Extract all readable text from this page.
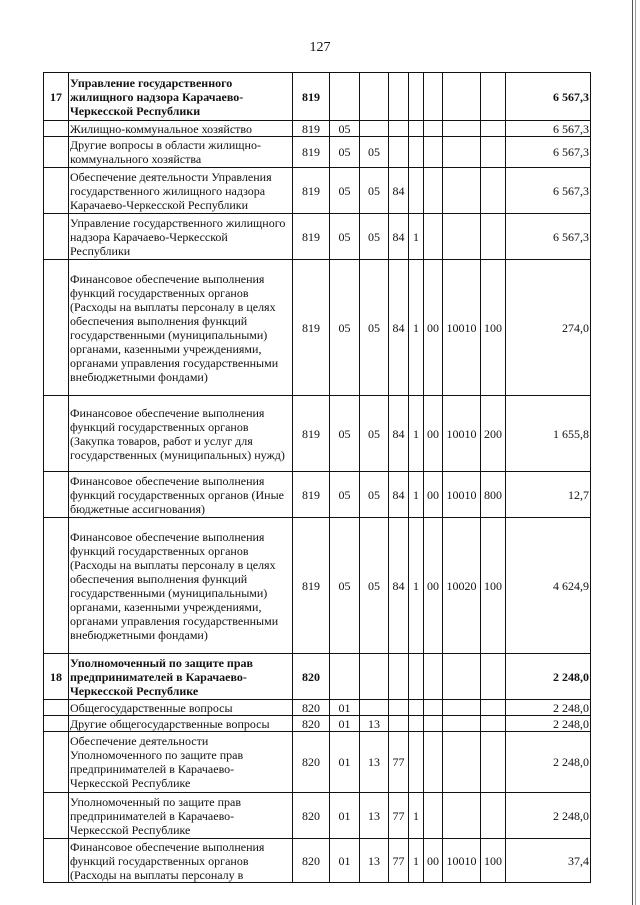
127
17	Управление государственного жилищного надзора Карачаево-Черкесской Республики	819								6 567,3
	Жилищно-коммунальное хозяйство	819	05							6 567,3
	Другие вопросы в области жилищно-коммунального хозяйства	819	05	05						6 567,3
	Обеспечение деятельности Управления государственного жилищного надзора Карачаево-Черкесской Республики	819	05	05	84					6 567,3
	Управление государственного жилищного надзора Карачаево-Черкесской Республики	819	05	05	84	1				6 567,3
	Финансовое обеспечение выполнения функций государственных органов (Расходы на выплаты персоналу в целях обеспечения выполнения функций государственными (муниципальными) органами, казенными учреждениями, органами управления государственными внебюджетными фондами)	819	05	05	84	1	00	10010	100	274,0
	Финансовое обеспечение выполнения функций государственных органов (Закупка товаров, работ и услуг для государственных (муниципальных) нужд)	819	05	05	84	1	00	10010	200	1 655,8
	Финансовое обеспечение выполнения функций государственных органов (Иные бюджетные ассигнования)	819	05	05	84	1	00	10010	800	12,7
	Финансовое обеспечение выполнения функций государственных органов (Расходы на выплаты персоналу в целях обеспечения выполнения функций государственными (муниципальными) органами, казенными учреждениями, органами управления государственными внебюджетными фондами)	819	05	05	84	1	00	10020	100	4 624,9
18	Уполномоченный по защите прав предпринимателей в Карачаево-Черкесской Республике	820								2 248,0
	Общегосударственные вопросы	820	01							2 248,0
	Другие общегосударственные вопросы	820	01	13						2 248,0
	Обеспечение деятельности Уполномоченного по защите прав предпринимателей в Карачаево-Черкесской Республике	820	01	13	77					2 248,0
	Уполномоченный по защите прав предпринимателей в Карачаево-Черкесской Республике	820	01	13	77	1				2 248,0
	Финансовое обеспечение выполнения функций государственных органов (Расходы на выплаты персоналу в	820	01	13	77	1	00	10010	100	37,4
